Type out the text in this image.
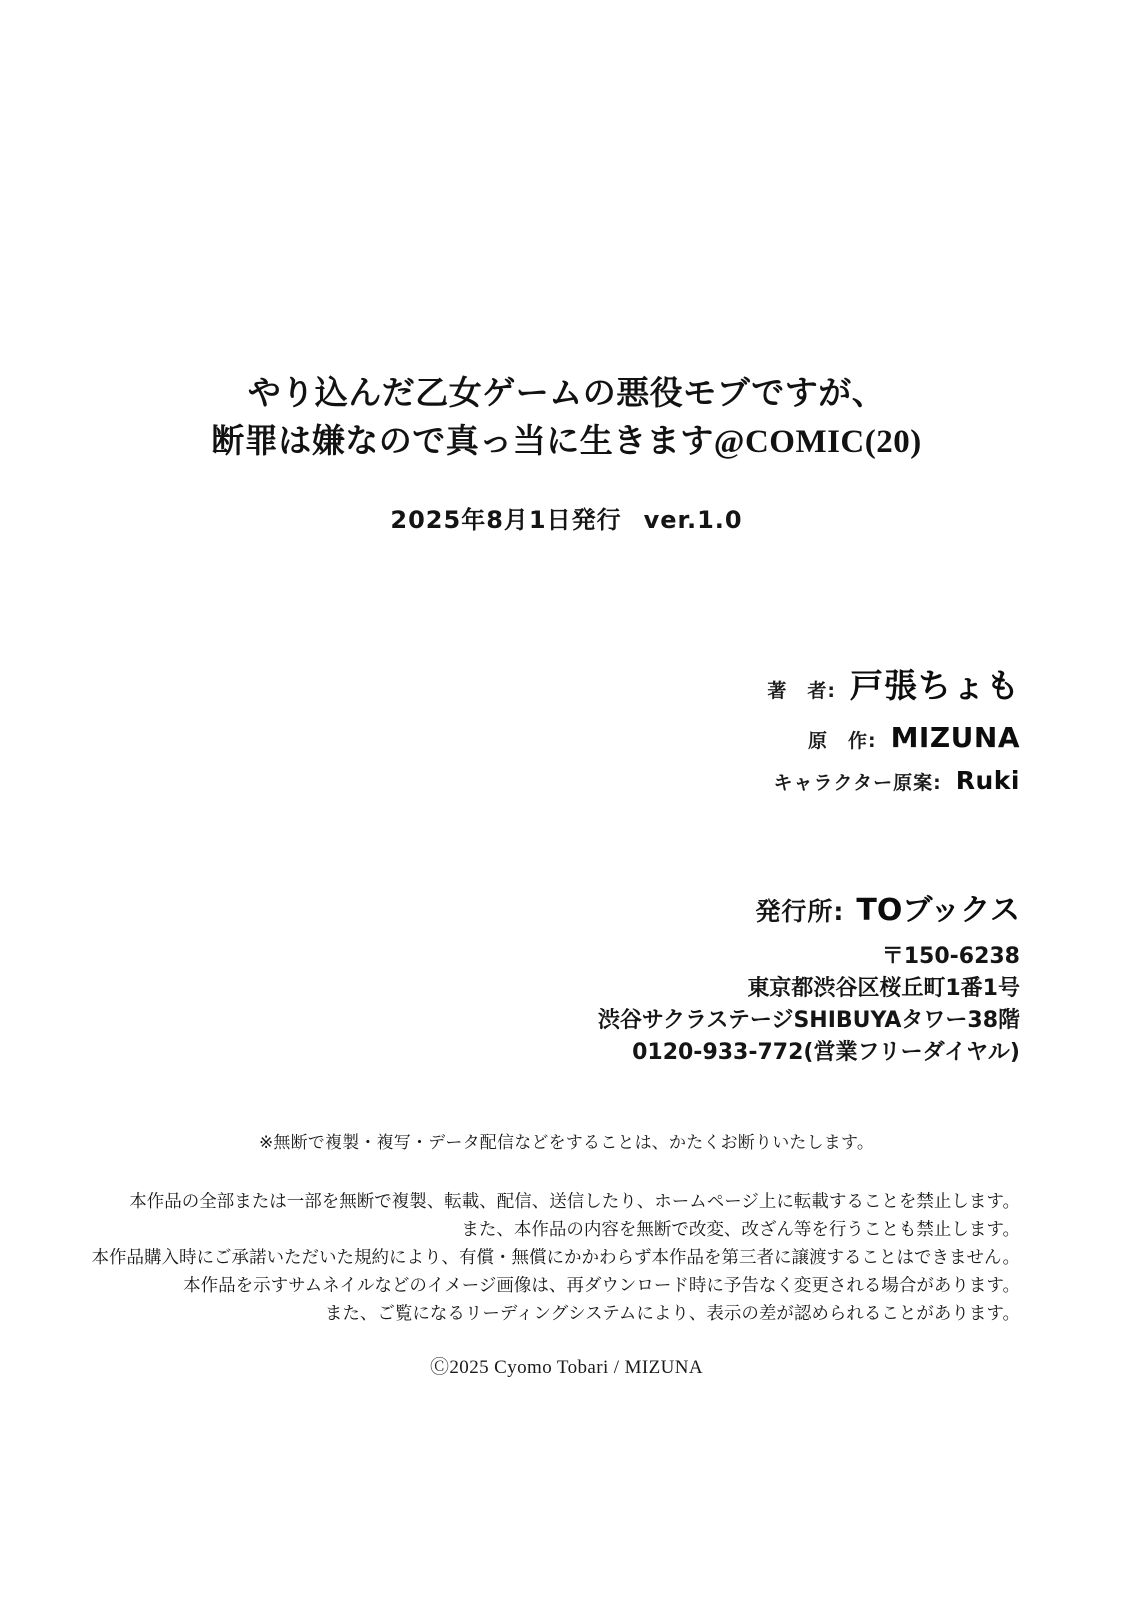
やり込んだ乙女ゲームの悪役モブですが、
断罪は嫌なので真っ当に生きます@COMIC(20)
2025年8月1日発行 ver.1.0
著　者: 戸張ちょも
原　作: MIZUNA
キャラクター原案: Ruki
発行所: TOブックス
〒150-6238
東京都渋谷区桜丘町1番1号
渋谷サクラステージSHIBUYAタワー38階
0120-933-772(営業フリーダイヤル)
※無断で複製・複写・データ配信などをすることは、かたくお断りいたします。
本作品の全部または一部を無断で複製、転載、配信、送信したり、ホームページ上に転載することを禁止します。
また、本作品の内容を無断で改変、改ざん等を行うことも禁止します。
本作品購入時にご承諾いただいた規約により、有償・無償にかかわらず本作品を第三者に譲渡することはできません。
本作品を示すサムネイルなどのイメージ画像は、再ダウンロード時に予告なく変更される場合があります。
また、ご覧になるリーディングシステムにより、表示の差が認められることがあります。
Ⓒ2025 Cyomo Tobari / MIZUNA
